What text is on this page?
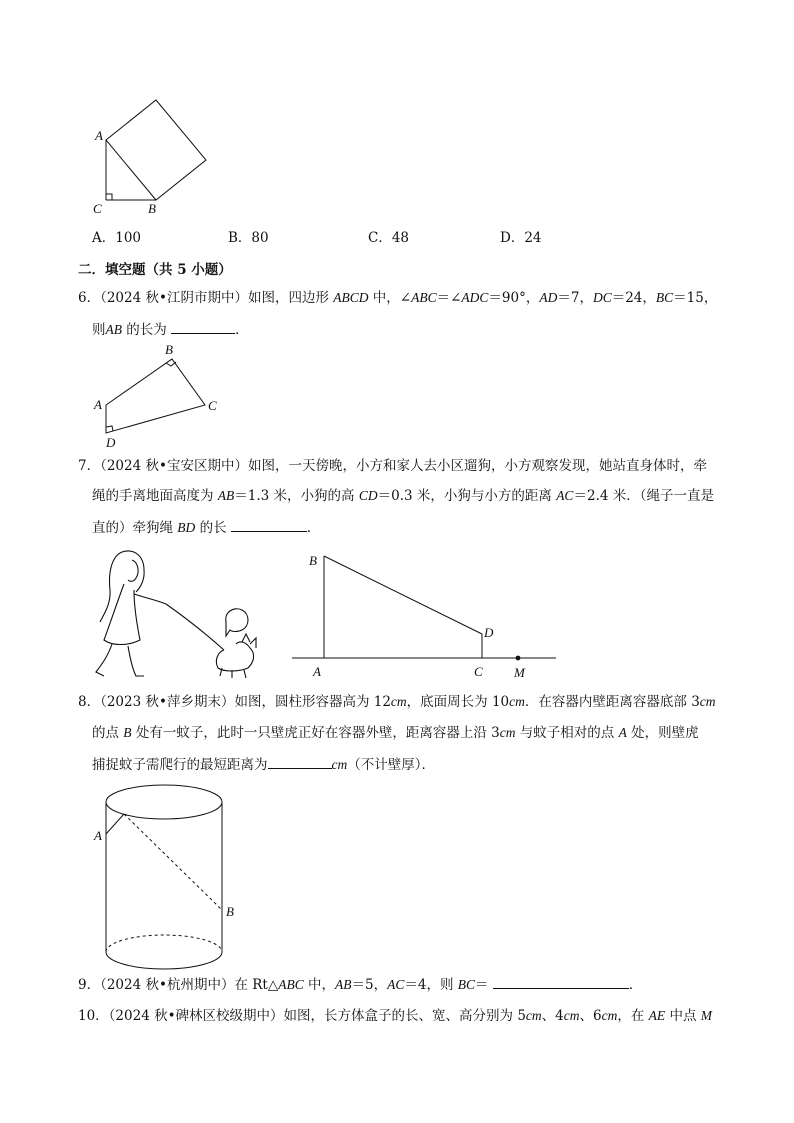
A
C	B
A．100	B．80	C．48	D．24
二．填空题（共 5 小题）
6．（2024 秋•江阴市期中）如图，四边形 ABCD 中，∠ABC＝∠ADC＝90°，AD＝7，DC＝24，BC＝15，
则AB 的长为	．
A
B
C
D
7．（2024 秋•宝安区期中）如图，一天傍晚，小方和家人去小区遛狗，小方观察发现，她站直身体时，牵
绳的手离地面高度为 AB＝1.3 米，小狗的高 CD＝0.3 米，小狗与小方的距离 AC＝2.4 米．（绳子一直是
直的）牵狗绳 BD 的长	．
B
D
A	C M
8．（2023 秋•萍乡期末）如图，圆柱形容器高为 12cm，底面周长为 10cm．在容器内壁距离容器底部 3cm
的点 B 处有一蚊子，此时一只壁虎正好在容器外壁，距离容器上沿 3cm 与蚊子相对的点 A 处，则壁虎
捕捉蚊子需爬行的最短距离为	cm（不计壁厚）．
A
B
9．（2024 秋•杭州期中）在 Rt△ABC 中，AB＝5，AC＝4，则 BC＝	．
10．（2024 秋•碑林区校级期中）如图，长方体盒子的长、宽、高分别为 5cm、4cm、6cm，在 AE 中点 M
